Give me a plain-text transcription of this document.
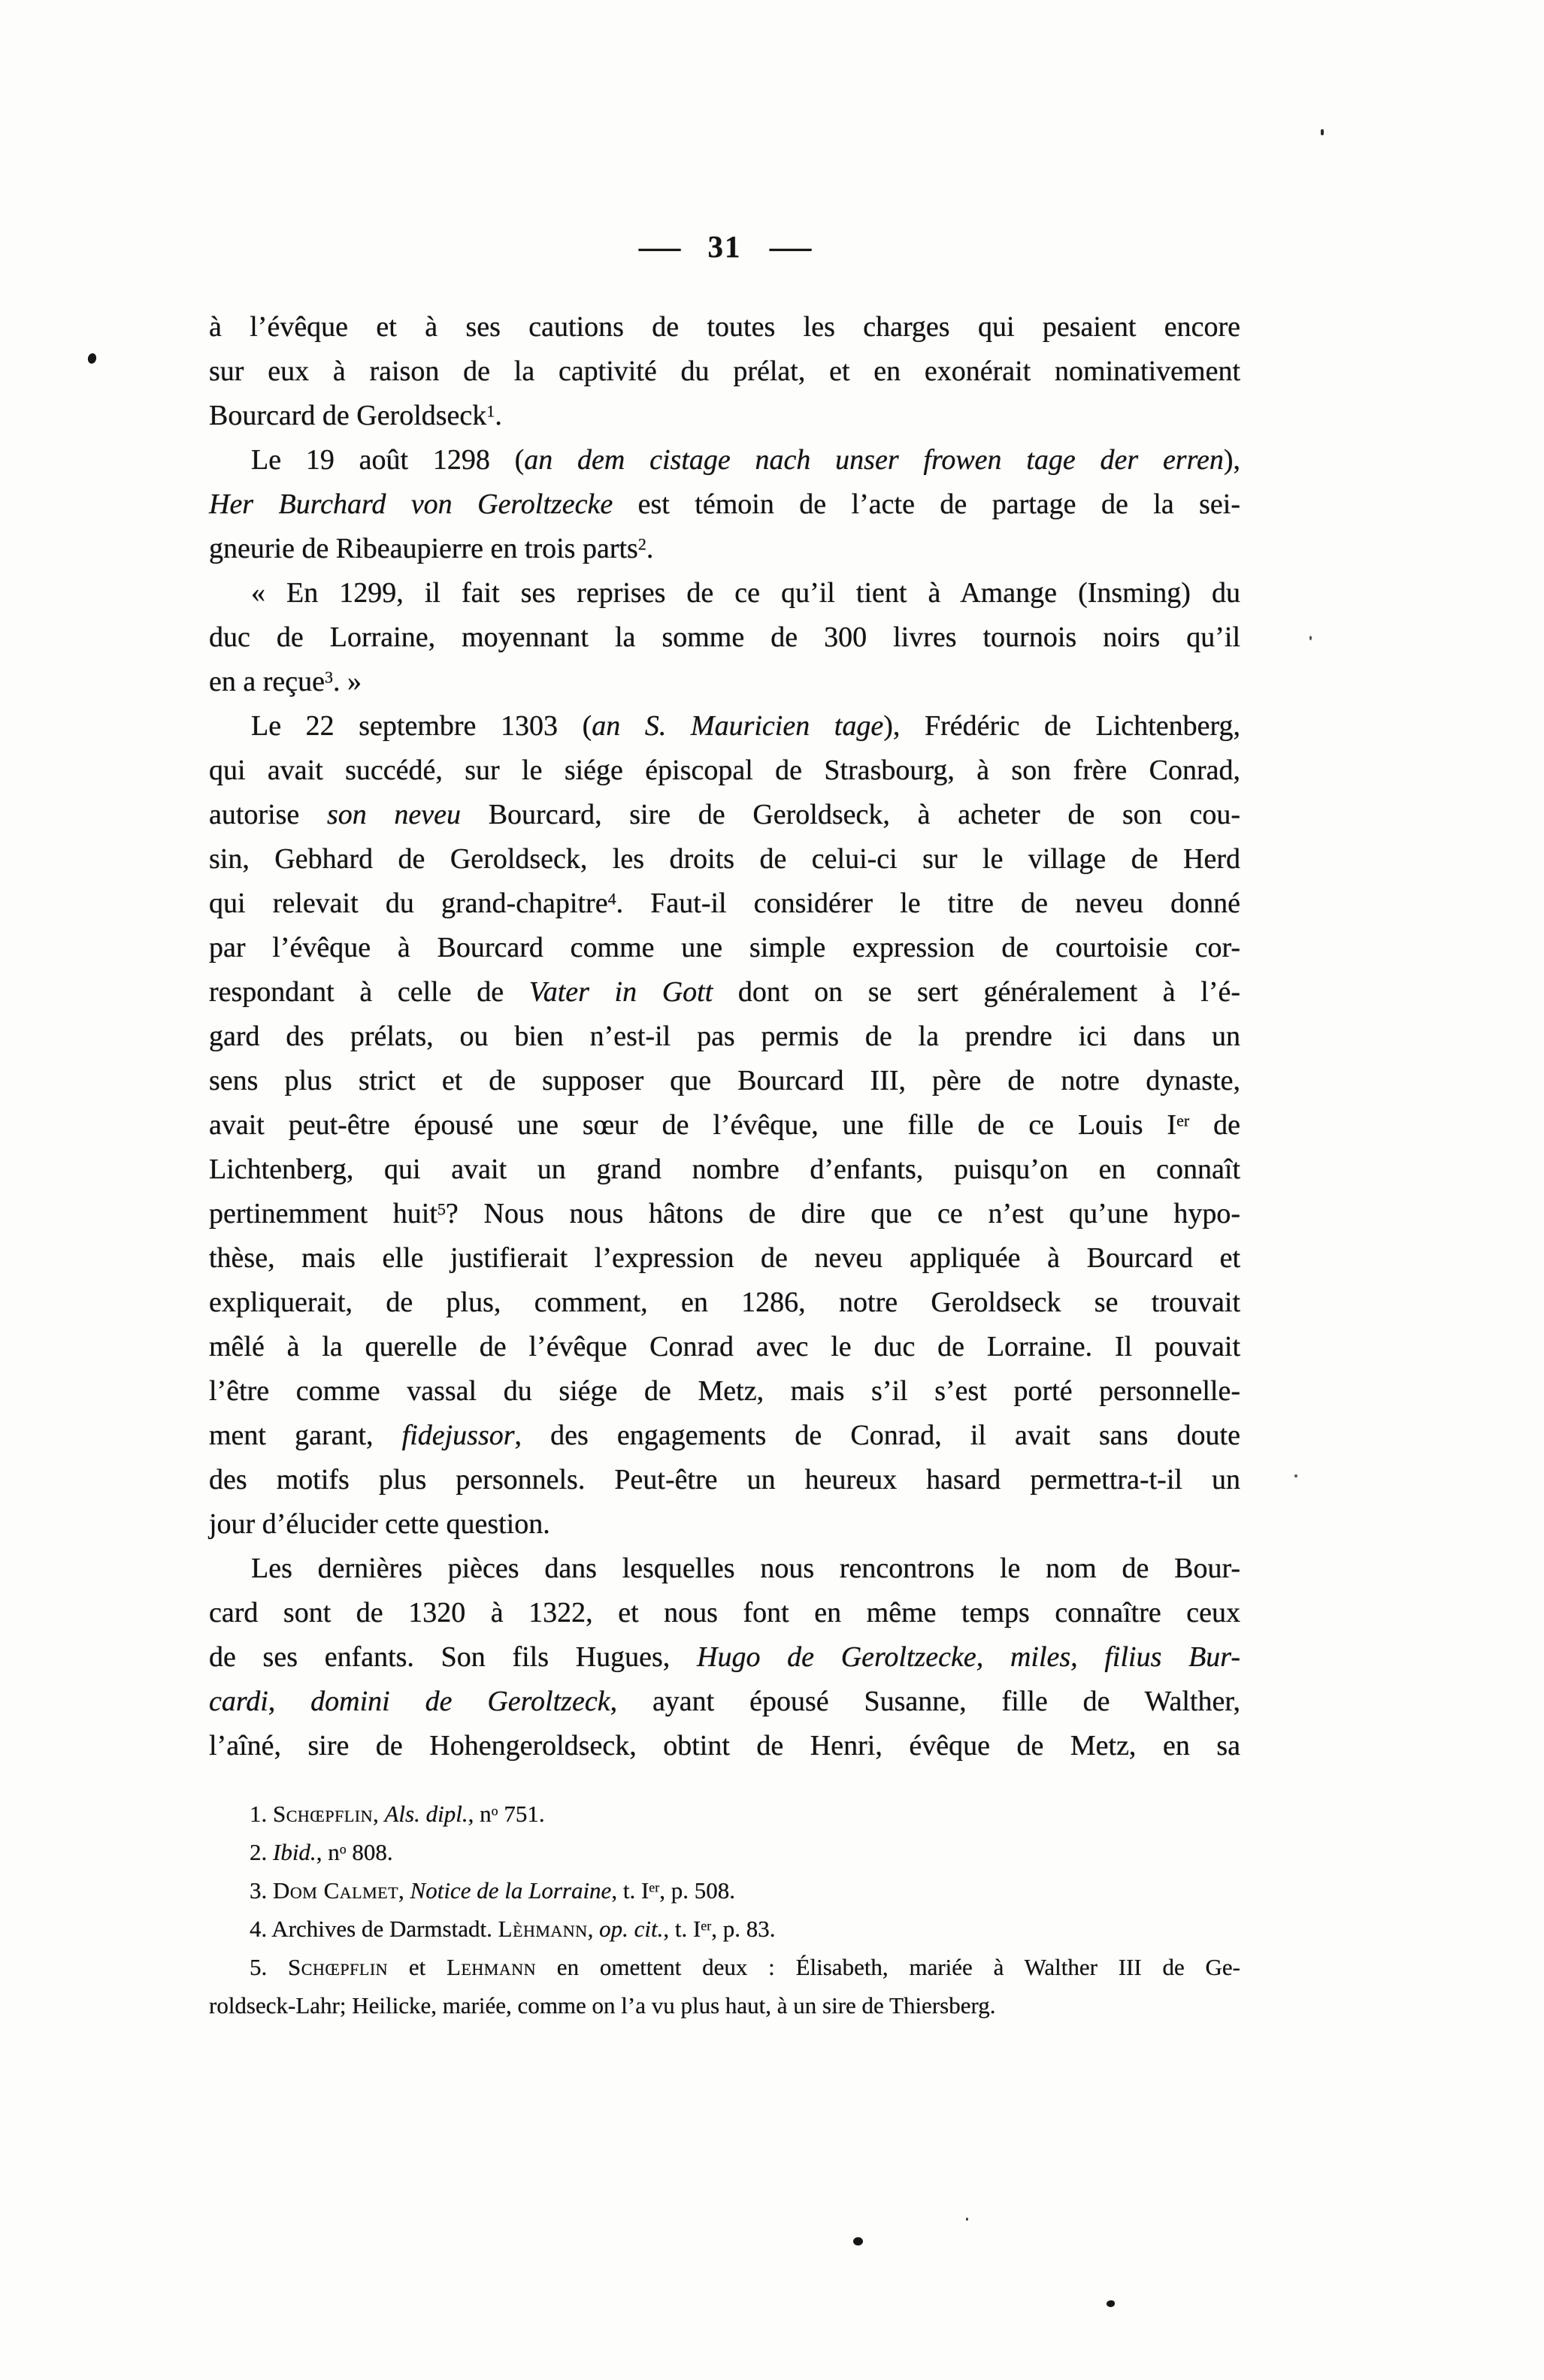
— 31 —
à l’évêque et à ses cautions de toutes les charges qui pesaient encore
sur eux à raison de la captivité du prélat, et en exonérait nominativement
Bourcard de Geroldseck$^1$.
Le 19 août 1298 (an dem cistage nach unser frowen tage der erren),
Her Burchard von Geroltzecke est témoin de l’acte de partage de la sei-
gneurie de Ribeaupierre en trois parts$^2$.
« En 1299, il fait ses reprises de ce qu’il tient à Amange (Insming) du
duc de Lorraine, moyennant la somme de 300 livres tournois noirs qu’il
en a reçue$^3$. »
Le 22 septembre 1303 (an S. Mauricien tage), Frédéric de Lichtenberg,
qui avait succédé, sur le siége épiscopal de Strasbourg, à son frère Conrad,
autorise son neveu Bourcard, sire de Geroldseck, à acheter de son cou-
sin, Gebhard de Geroldseck, les droits de celui-ci sur le village de Herd
qui relevait du grand-chapitre$^4$. Faut-il considérer le titre de neveu donné
par l’évêque à Bourcard comme une simple expression de courtoisie cor-
respondant à celle de Vater in Gott dont on se sert généralement à l’é-
gard des prélats, ou bien n’est-il pas permis de la prendre ici dans un
sens plus strict et de supposer que Bourcard III, père de notre dynaste,
avait peut-être épousé une sœur de l’évêque, une fille de ce Louis Ier de
Lichtenberg, qui avait un grand nombre d’enfants, puisqu’on en connaît
pertinemment huit$^5$? Nous nous hâtons de dire que ce n’est qu’une hypo-
thèse, mais elle justifierait l’expression de neveu appliquée à Bourcard et
expliquerait, de plus, comment, en 1286, notre Geroldseck se trouvait
mêlé à la querelle de l’évêque Conrad avec le duc de Lorraine. Il pouvait
l’être comme vassal du siége de Metz, mais s’il s’est porté personnelle-
ment garant, fidejussor, des engagements de Conrad, il avait sans doute
des motifs plus personnels. Peut-être un heureux hasard permettra-t-il un
jour d’élucider cette question.
Les dernières pièces dans lesquelles nous rencontrons le nom de Bour-
card sont de 1320 à 1322, et nous font en même temps connaître ceux
de ses enfants. Son fils Hugues, Hugo de Geroltzecke, miles, filius Bur-
cardi, domini de Geroltzeck, ayant épousé Susanne, fille de Walther,
l’aîné, sire de Hohengeroldseck, obtint de Henri, évêque de Metz, en sa
1. Schœpflin, Als. dipl., $n^o$ 751.
2. Ibid., $n^o$ 808.
3. Dom Calmet, Notice de la Lorraine, t. Ier, p. 508.
4. Archives de Darmstadt. Lèhmann, op. cit., t. Ier, p. 83.
5. Schœpflin et Lehmann en omettent deux : Élisabeth, mariée à Walther III de Ge-
roldseck-Lahr; Heilicke, mariée, comme on l’a vu plus haut, à un sire de Thiersberg.
